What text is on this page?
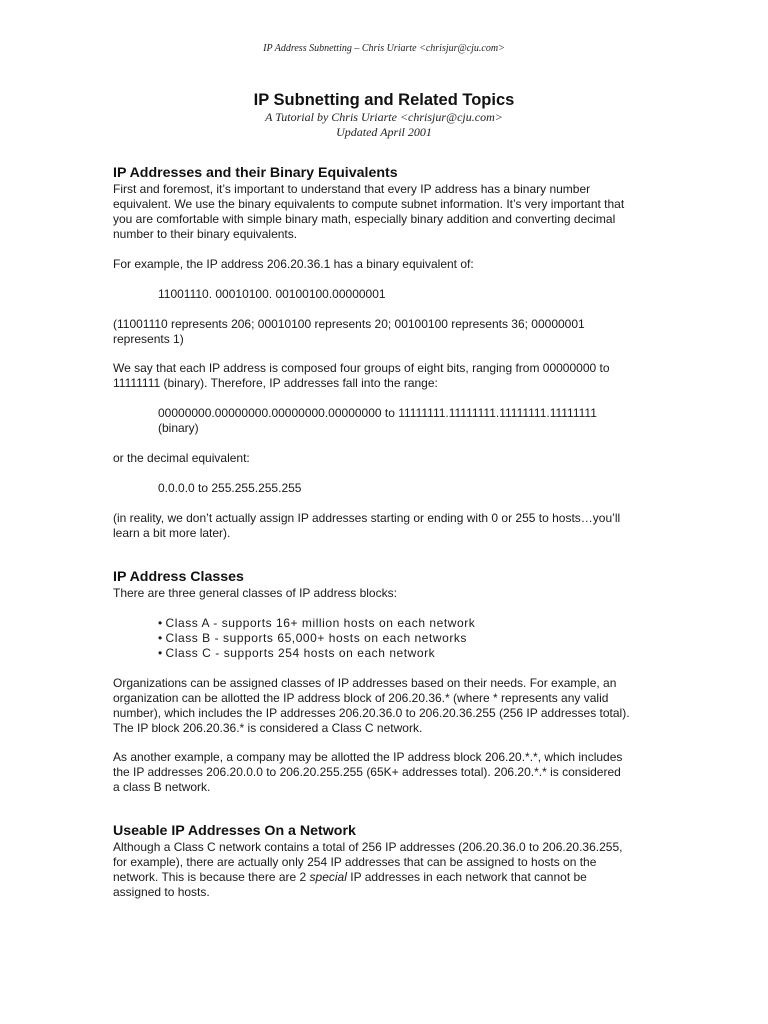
IP Address Subnetting – Chris Uriarte <chrisjur@cju.com>
IP Subnetting and Related Topics
A Tutorial by Chris Uriarte <chrisjur@cju.com>
Updated April 2001
IP Addresses and their Binary Equivalents

First and foremost, it’s important to understand that every IP address has a binary number
equivalent. We use the binary equivalents to compute subnet information. It’s very important that
you are comfortable with simple binary math, especially binary addition and converting decimal
number to their binary equivalents.

For example, the IP address 206.20.36.1 has a binary equivalent of:

11001110. 00010100. 00100100.00000001

(11001110 represents 206; 00010100 represents 20; 00100100 represents 36; 00000001
represents 1)

We say that each IP address is composed four groups of eight bits, ranging from 00000000 to
11111111 (binary). Therefore, IP addresses fall into the range:

00000000.00000000.00000000.00000000 to 11111111.11111111.11111111.11111111
(binary)

or the decimal equivalent:

0.0.0.0 to 255.255.255.255

(in reality, we don’t actually assign IP addresses starting or ending with 0 or 255 to hosts…you’ll
learn a bit more later).

IP Address Classes

There are three general classes of IP address blocks:

• Class A - supports 16+ million hosts on each network
• Class B - supports 65,000+ hosts on each networks
• Class C - supports 254 hosts on each network

Organizations can be assigned classes of IP addresses based on their needs. For example, an
organization can be allotted the IP address block of 206.20.36.* (where * represents any valid
number), which includes the IP addresses 206.20.36.0 to 206.20.36.255 (256 IP addresses total).
The IP block 206.20.36.* is considered a Class C network.

As another example, a company may be allotted the IP address block 206.20.*.*, which includes
the IP addresses 206.20.0.0 to 206.20.255.255 (65K+ addresses total). 206.20.*.* is considered
a class B network.

Useable IP Addresses On a Network

Although a Class C network contains a total of 256 IP addresses (206.20.36.0 to 206.20.36.255,
for example), there are actually only 254 IP addresses that can be assigned to hosts on the
network. This is because there are 2 special IP addresses in each network that cannot be
assigned to hosts.
